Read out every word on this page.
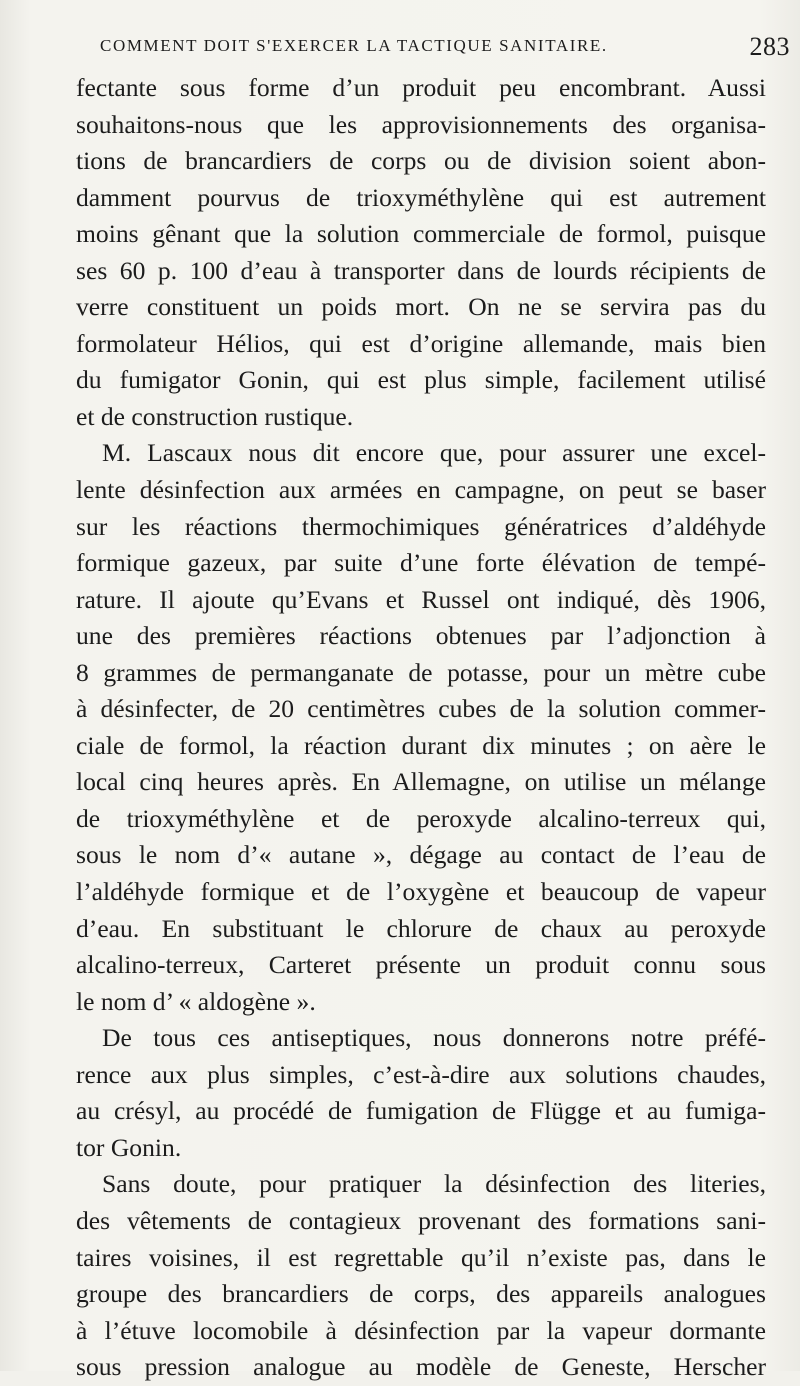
COMMENT DOIT S'EXERCER LA TACTIQUE SANITAIRE.	283
fectante sous forme d’un produit peu encombrant. Aussi
souhaitons-nous que les approvisionnements des organisa-
tions de brancardiers de corps ou de division soient abon-
damment pourvus de trioxyméthylène qui est autrement
moins gênant que la solution commerciale de formol, puisque
ses 60 p. 100 d’eau à transporter dans de lourds récipients de
verre constituent un poids mort. On ne se servira pas du
formolateur Hélios, qui est d’origine allemande, mais bien
du fumigator Gonin, qui est plus simple, facilement utilisé
et de construction rustique.
M. Lascaux nous dit encore que, pour assurer une excel-
lente désinfection aux armées en campagne, on peut se baser
sur les réactions thermochimiques génératrices d’aldéhyde
formique gazeux, par suite d’une forte élévation de tempé-
rature. Il ajoute qu’Evans et Russel ont indiqué, dès 1906,
une des premières réactions obtenues par l’adjonction à
8 grammes de permanganate de potasse, pour un mètre cube
à désinfecter, de 20 centimètres cubes de la solution commer-
ciale de formol, la réaction durant dix minutes ; on aère le
local cinq heures après. En Allemagne, on utilise un mélange
de trioxyméthylène et de peroxyde alcalino-terreux qui,
sous le nom d’« autane », dégage au contact de l’eau de
l’aldéhyde formique et de l’oxygène et beaucoup de vapeur
d’eau. En substituant le chlorure de chaux au peroxyde
alcalino-terreux, Carteret présente un produit connu sous
le nom d’ « aldogène ».
De tous ces antiseptiques, nous donnerons notre préfé-
rence aux plus simples, c’est-à-dire aux solutions chaudes,
au crésyl, au procédé de fumigation de Flügge et au fumiga-
tor Gonin.
Sans doute, pour pratiquer la désinfection des literies,
des vêtements de contagieux provenant des formations sani-
taires voisines, il est regrettable qu’il n’existe pas, dans le
groupe des brancardiers de corps, des appareils analogues
à l’étuve locomobile à désinfection par la vapeur dormante
sous pression analogue au modèle de Geneste, Herscher
